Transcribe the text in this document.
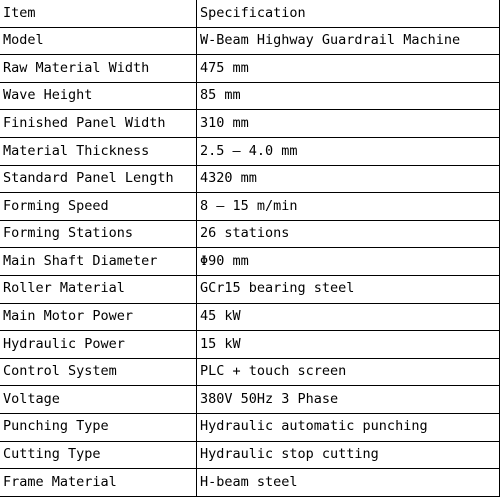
Item	Specification
Model	W-Beam Highway Guardrail Machine
Raw Material Width	475 mm
Wave Height	85 mm
Finished Panel Width	310 mm
Material Thickness	2.5 – 4.0 mm
Standard Panel Length	4320 mm
Forming Speed	8 – 15 m/min
Forming Stations	26 stations
Main Shaft Diameter	Φ90 mm
Roller Material	GCr15 bearing steel
Main Motor Power	45 kW
Hydraulic Power	15 kW
Control System	PLC + touch screen
Voltage	380V 50Hz 3 Phase
Punching Type	Hydraulic automatic punching
Cutting Type	Hydraulic stop cutting
Frame Material	H-beam steel
